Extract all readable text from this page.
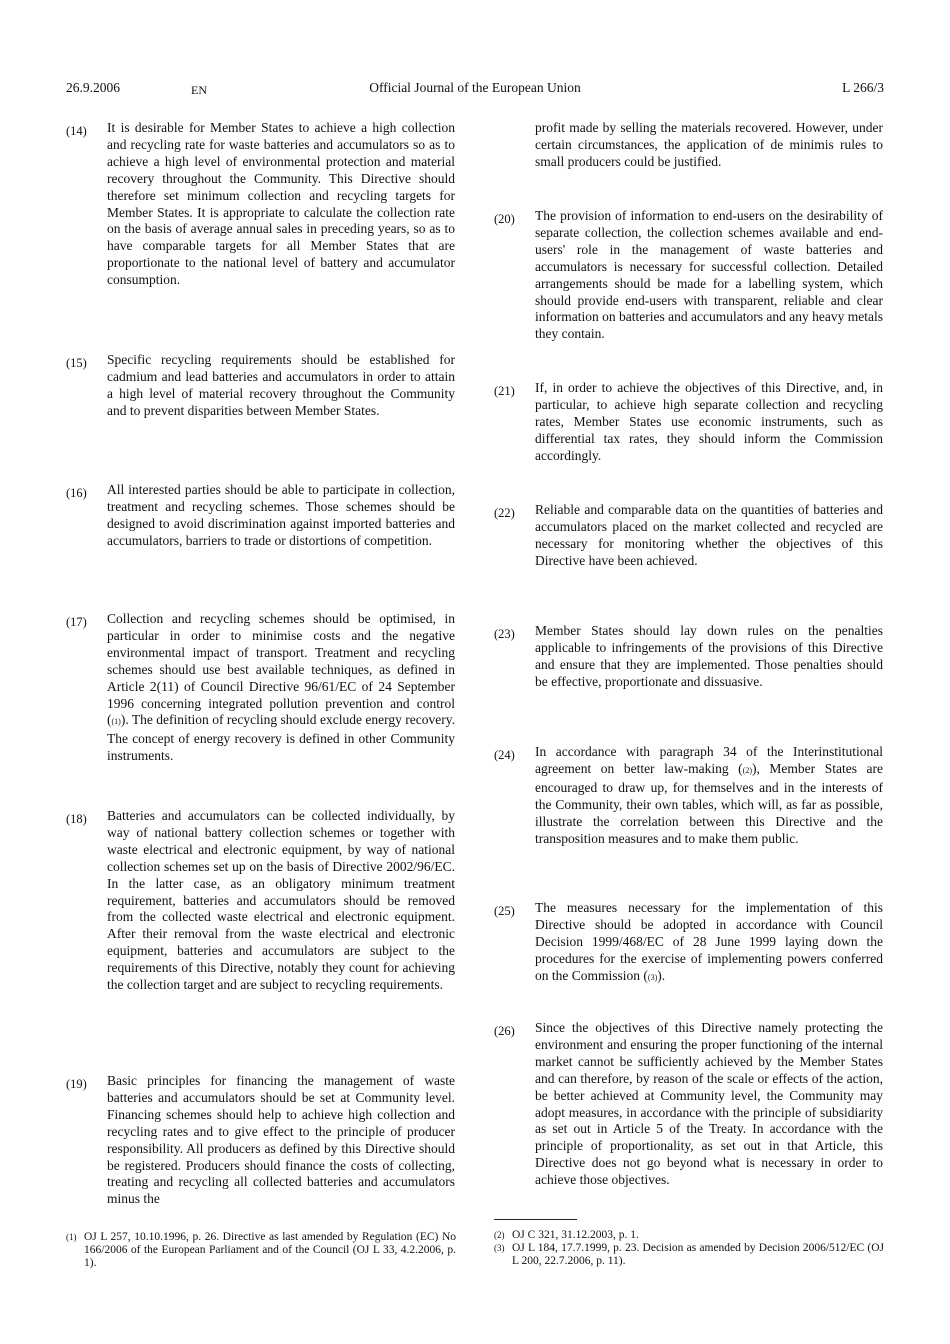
26.9.2006	EN	Official Journal of the European Union	L 266/3
(14) It is desirable for Member States to achieve a high collection and recycling rate for waste batteries and accumulators so as to achieve a high level of environmental protection and material recovery throughout the Community. This Directive should therefore set minimum collection and recycling targets for Member States. It is appropriate to calculate the collection rate on the basis of average annual sales in preceding years, so as to have comparable targets for all Member States that are proportionate to the national level of battery and accumulator consumption.
(15) Specific recycling requirements should be established for cadmium and lead batteries and accumulators in order to attain a high level of material recovery throughout the Community and to prevent disparities between Member States.
(16) All interested parties should be able to participate in collection, treatment and recycling schemes. Those schemes should be designed to avoid discrimination against imported batteries and accumulators, barriers to trade or distortions of competition.
(17) Collection and recycling schemes should be optimised, in particular in order to minimise costs and the negative environmental impact of transport. Treatment and recycling schemes should use best available techniques, as defined in Article 2(11) of Council Directive 96/61/EC of 24 September 1996 concerning integrated pollution prevention and control ((1)). The definition of recycling should exclude energy recovery. The concept of energy recovery is defined in other Community instruments.
(18) Batteries and accumulators can be collected individually, by way of national battery collection schemes or together with waste electrical and electronic equipment, by way of national collection schemes set up on the basis of Directive 2002/96/EC. In the latter case, as an obligatory minimum treatment requirement, batteries and accumulators should be removed from the collected waste electrical and electronic equipment. After their removal from the waste electrical and electronic equipment, batteries and accumulators are subject to the requirements of this Directive, notably they count for achieving the collection target and are subject to recycling requirements.
(19) Basic principles for financing the management of waste batteries and accumulators should be set at Community level. Financing schemes should help to achieve high collection and recycling rates and to give effect to the principle of producer responsibility. All producers as defined by this Directive should be registered. Producers should finance the costs of collecting, treating and recycling all collected batteries and accumulators minus the
(1) OJ L 257, 10.10.1996, p. 26. Directive as last amended by Regulation (EC) No 166/2006 of the European Parliament and of the Council (OJ L 33, 4.2.2006, p. 1).
profit made by selling the materials recovered. However, under certain circumstances, the application of de minimis rules to small producers could be justified.
(20) The provision of information to end-users on the desirability of separate collection, the collection schemes available and end-users' role in the management of waste batteries and accumulators is necessary for successful collection. Detailed arrangements should be made for a labelling system, which should provide end-users with transparent, reliable and clear information on batteries and accumulators and any heavy metals they contain.
(21) If, in order to achieve the objectives of this Directive, and, in particular, to achieve high separate collection and recycling rates, Member States use economic instruments, such as differential tax rates, they should inform the Commission accordingly.
(22) Reliable and comparable data on the quantities of batteries and accumulators placed on the market collected and recycled are necessary for monitoring whether the objectives of this Directive have been achieved.
(23) Member States should lay down rules on the penalties applicable to infringements of the provisions of this Directive and ensure that they are implemented. Those penalties should be effective, proportionate and dissuasive.
(24) In accordance with paragraph 34 of the Interinstitutional agreement on better law-making ((2)), Member States are encouraged to draw up, for themselves and in the interests of the Community, their own tables, which will, as far as possible, illustrate the correlation between this Directive and the transposition measures and to make them public.
(25) The measures necessary for the implementation of this Directive should be adopted in accordance with Council Decision 1999/468/EC of 28 June 1999 laying down the procedures for the exercise of implementing powers conferred on the Commission ((3)).
(26) Since the objectives of this Directive namely protecting the environment and ensuring the proper functioning of the internal market cannot be sufficiently achieved by the Member States and can therefore, by reason of the scale or effects of the action, be better achieved at Community level, the Community may adopt measures, in accordance with the principle of subsidiarity as set out in Article 5 of the Treaty. In accordance with the principle of proportionality, as set out in that Article, this Directive does not go beyond what is necessary in order to achieve those objectives.
(2) OJ C 321, 31.12.2003, p. 1.
(3) OJ L 184, 17.7.1999, p. 23. Decision as amended by Decision 2006/512/EC (OJ L 200, 22.7.2006, p. 11).
